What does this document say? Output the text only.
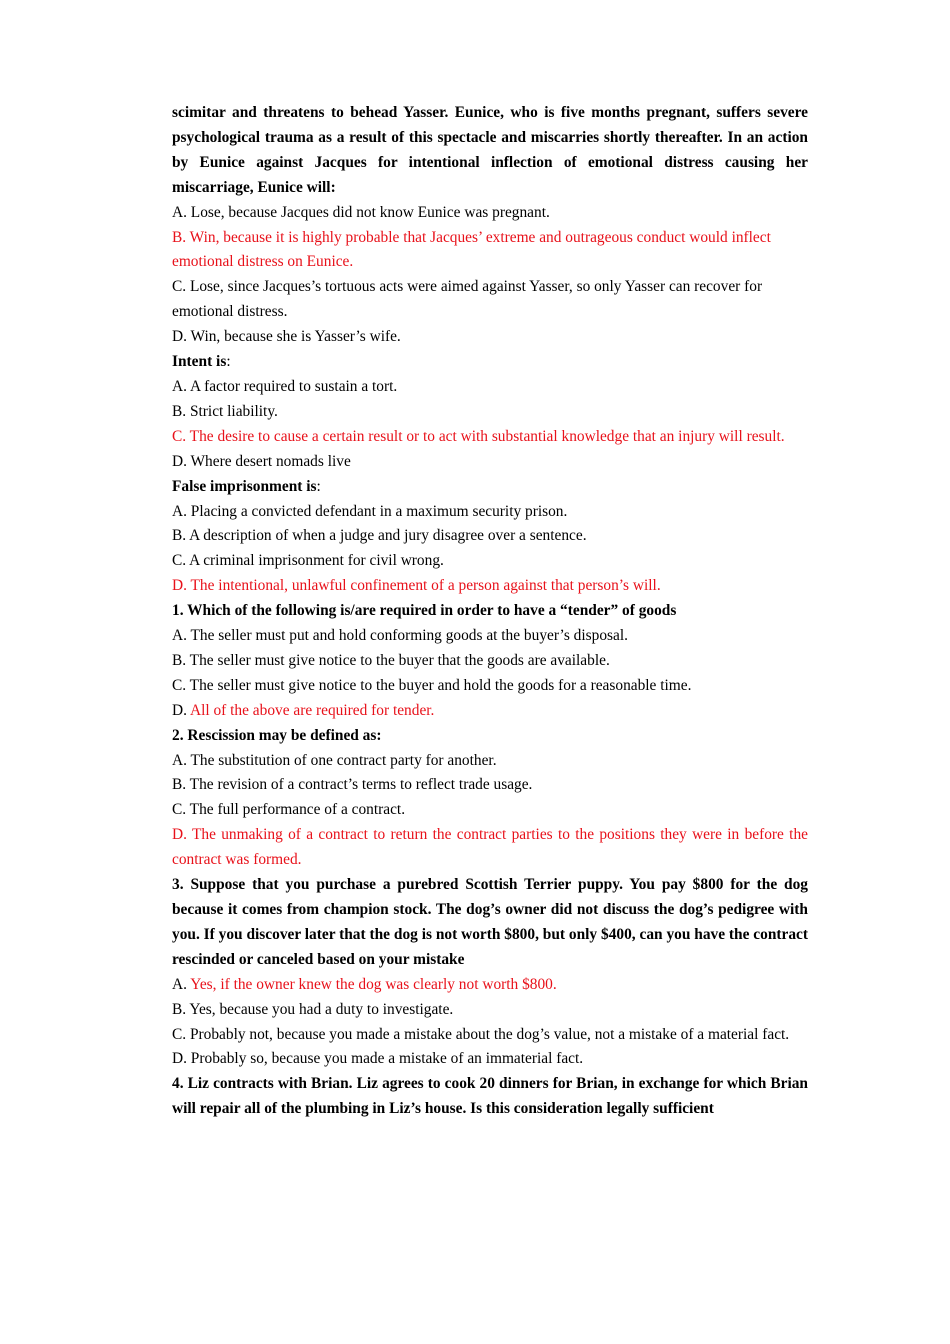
scimitar and threatens to behead Yasser. Eunice, who is five months pregnant, suffers severe psychological trauma as a result of this spectacle and miscarries shortly thereafter. In an action by Eunice against Jacques for intentional inflection of emotional distress causing her miscarriage, Eunice will:
A. Lose, because Jacques did not know Eunice was pregnant.
B. Win, because it is highly probable that Jacques’ extreme and outrageous conduct would inflect emotional distress on Eunice.
C. Lose, since Jacques’s tortuous acts were aimed against Yasser, so only Yasser can recover for emotional distress.
D. Win, because she is Yasser’s wife.
Intent is:
A. A factor required to sustain a tort.
B. Strict liability.
C. The desire to cause a certain result or to act with substantial knowledge that an injury will result.
D. Where desert nomads live
False imprisonment is:
A. Placing a convicted defendant in a maximum security prison.
B. A description of when a judge and jury disagree over a sentence.
C. A criminal imprisonment for civil wrong.
D. The intentional, unlawful confinement of a person against that person’s will.
1. Which of the following is/are required in order to have a “tender” of goods
A. The seller must put and hold conforming goods at the buyer’s disposal.
B. The seller must give notice to the buyer that the goods are available.
C. The seller must give notice to the buyer and hold the goods for a reasonable time.
D. All of the above are required for tender.
2. Rescission may be defined as:
A. The substitution of one contract party for another.
B. The revision of a contract’s terms to reflect trade usage.
C. The full performance of a contract.
D. The unmaking of a contract to return the contract parties to the positions they were in before the contract was formed.
3. Suppose that you purchase a purebred Scottish Terrier puppy. You pay $800 for the dog because it comes from champion stock. The dog’s owner did not discuss the dog’s pedigree with you. If you discover later that the dog is not worth $800, but only $400, can you have the contract rescinded or canceled based on your mistake
A. Yes, if the owner knew the dog was clearly not worth $800.
B. Yes, because you had a duty to investigate.
C. Probably not, because you made a mistake about the dog’s value, not a mistake of a material fact.
D. Probably so, because you made a mistake of an immaterial fact.
4. Liz contracts with Brian. Liz agrees to cook 20 dinners for Brian, in exchange for which Brian will repair all of the plumbing in Liz’s house. Is this consideration legally sufficient
